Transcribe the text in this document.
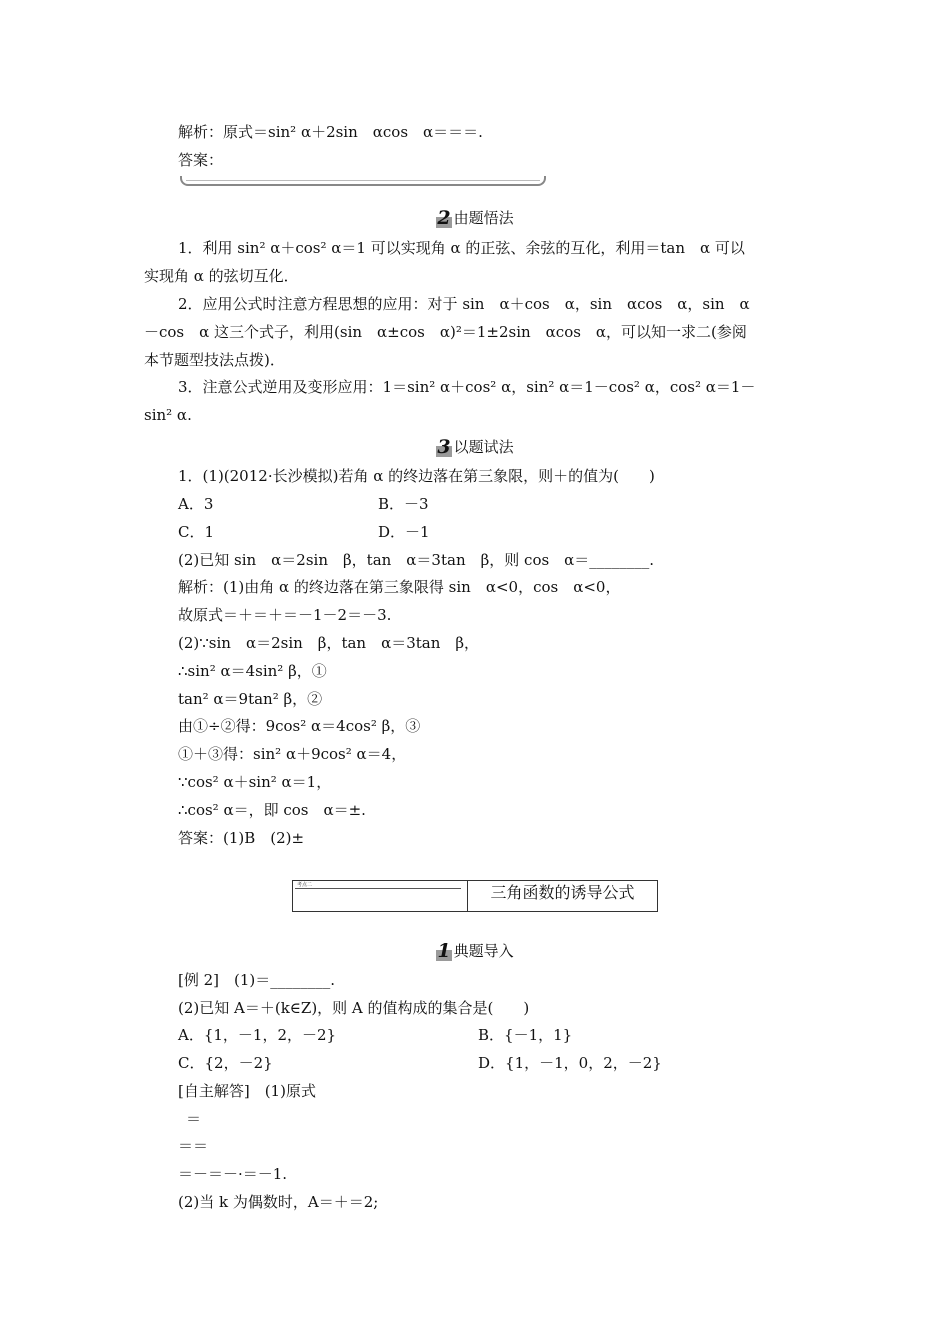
解析：原式＝sin² α＋2sin　αcos　α＝＝＝.
答案：
2 由题悟法
1．利用 sin² α＋cos² α＝1 可以实现角 α 的正弦、余弦的互化，利用＝tan　α 可以
实现角 α 的弦切互化．
2．应用公式时注意方程思想的应用：对于 sin　α＋cos　α，sin　αcos　α，sin　α
－cos　α 这三个式子，利用(sin　α±cos　α)²＝1±2sin　αcos　α，可以知一求二(参阅
本节题型技法点拨)．
3．注意公式逆用及变形应用：1＝sin² α＋cos² α，sin² α＝1－cos² α，cos² α＝1－
sin² α.
3 以题试法
1．(1)(2012·长沙模拟)若角 α 的终边落在第三象限，则＋的值为(　　)
A．3	B．－3
C．1	D．－1
(2)已知 sin　α＝2sin　β，tan　α＝3tan　β，则 cos　α＝________.
解析：(1)由角 α 的终边落在第三象限得 sin　α<0，cos　α<0，
故原式＝＋＝＋＝－1－2＝－3.
(2)∵sin　α＝2sin　β，tan　α＝3tan　β，
∴sin² α＝4sin² β，①
tan² α＝9tan² β，②
由①÷②得：9cos² α＝4cos² β，③
①＋③得：sin² α＋9cos² α＝4，
∵cos² α＋sin² α＝1，
∴cos² α＝，即 cos　α＝±.
答案：(1)B　(2)±
考点二	三角函数的诱导公式
1 典题导入
[例 2]　(1)＝________.
(2)已知 A＝＋(k∈Z)，则 A 的值构成的集合是(　　)
A．{1，－1，2，－2}	B．{－1，1}
C．{2，－2}	D．{1，－1，0，2，－2}
[自主解答]　(1)原式
＝
＝＝
＝－＝－·＝－1.
(2)当 k 为偶数时，A＝＋＝2;
